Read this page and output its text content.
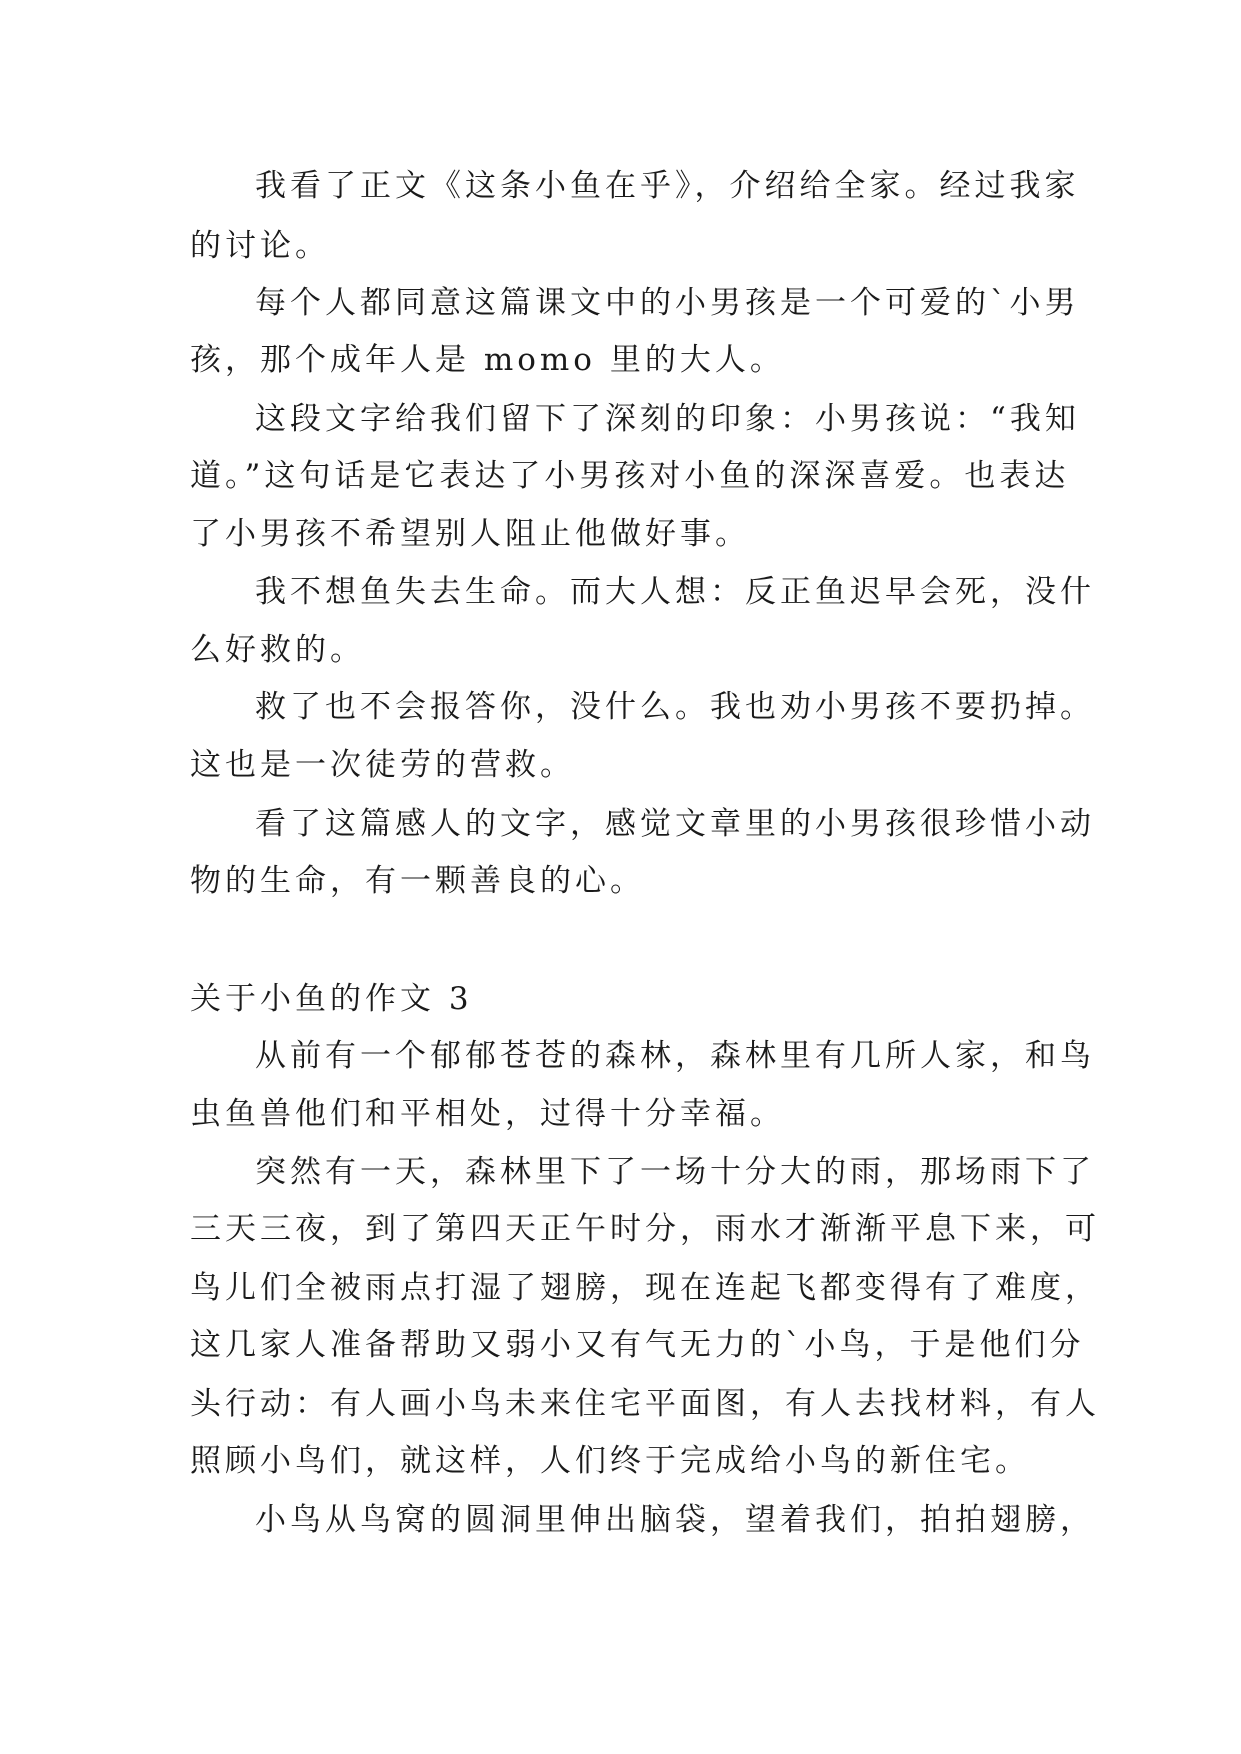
我看了正文《这条小鱼在乎》，介绍给全家。经过我家
的讨论。
每个人都同意这篇课文中的小男孩是一个可爱的`小男
孩，那个成年人是 momo 里的大人。
这段文字给我们留下了深刻的印象：小男孩说：“我知
道。”这句话是它表达了小男孩对小鱼的深深喜爱。也表达
了小男孩不希望别人阻止他做好事。
我不想鱼失去生命。而大人想：反正鱼迟早会死，没什
么好救的。
救了也不会报答你，没什么。我也劝小男孩不要扔掉。
这也是一次徒劳的营救。
看了这篇感人的文字，感觉文章里的小男孩很珍惜小动
物的生命，有一颗善良的心。
关于小鱼的作文 3
从前有一个郁郁苍苍的森林，森林里有几所人家，和鸟
虫鱼兽他们和平相处，过得十分幸福。
突然有一天，森林里下了一场十分大的雨，那场雨下了
三天三夜，到了第四天正午时分，雨水才渐渐平息下来，可
鸟儿们全被雨点打湿了翅膀，现在连起飞都变得有了难度，
这几家人准备帮助又弱小又有气无力的`小鸟，于是他们分
头行动：有人画小鸟未来住宅平面图，有人去找材料，有人
照顾小鸟们，就这样，人们终于完成给小鸟的新住宅。
小鸟从鸟窝的圆洞里伸出脑袋，望着我们，拍拍翅膀，
